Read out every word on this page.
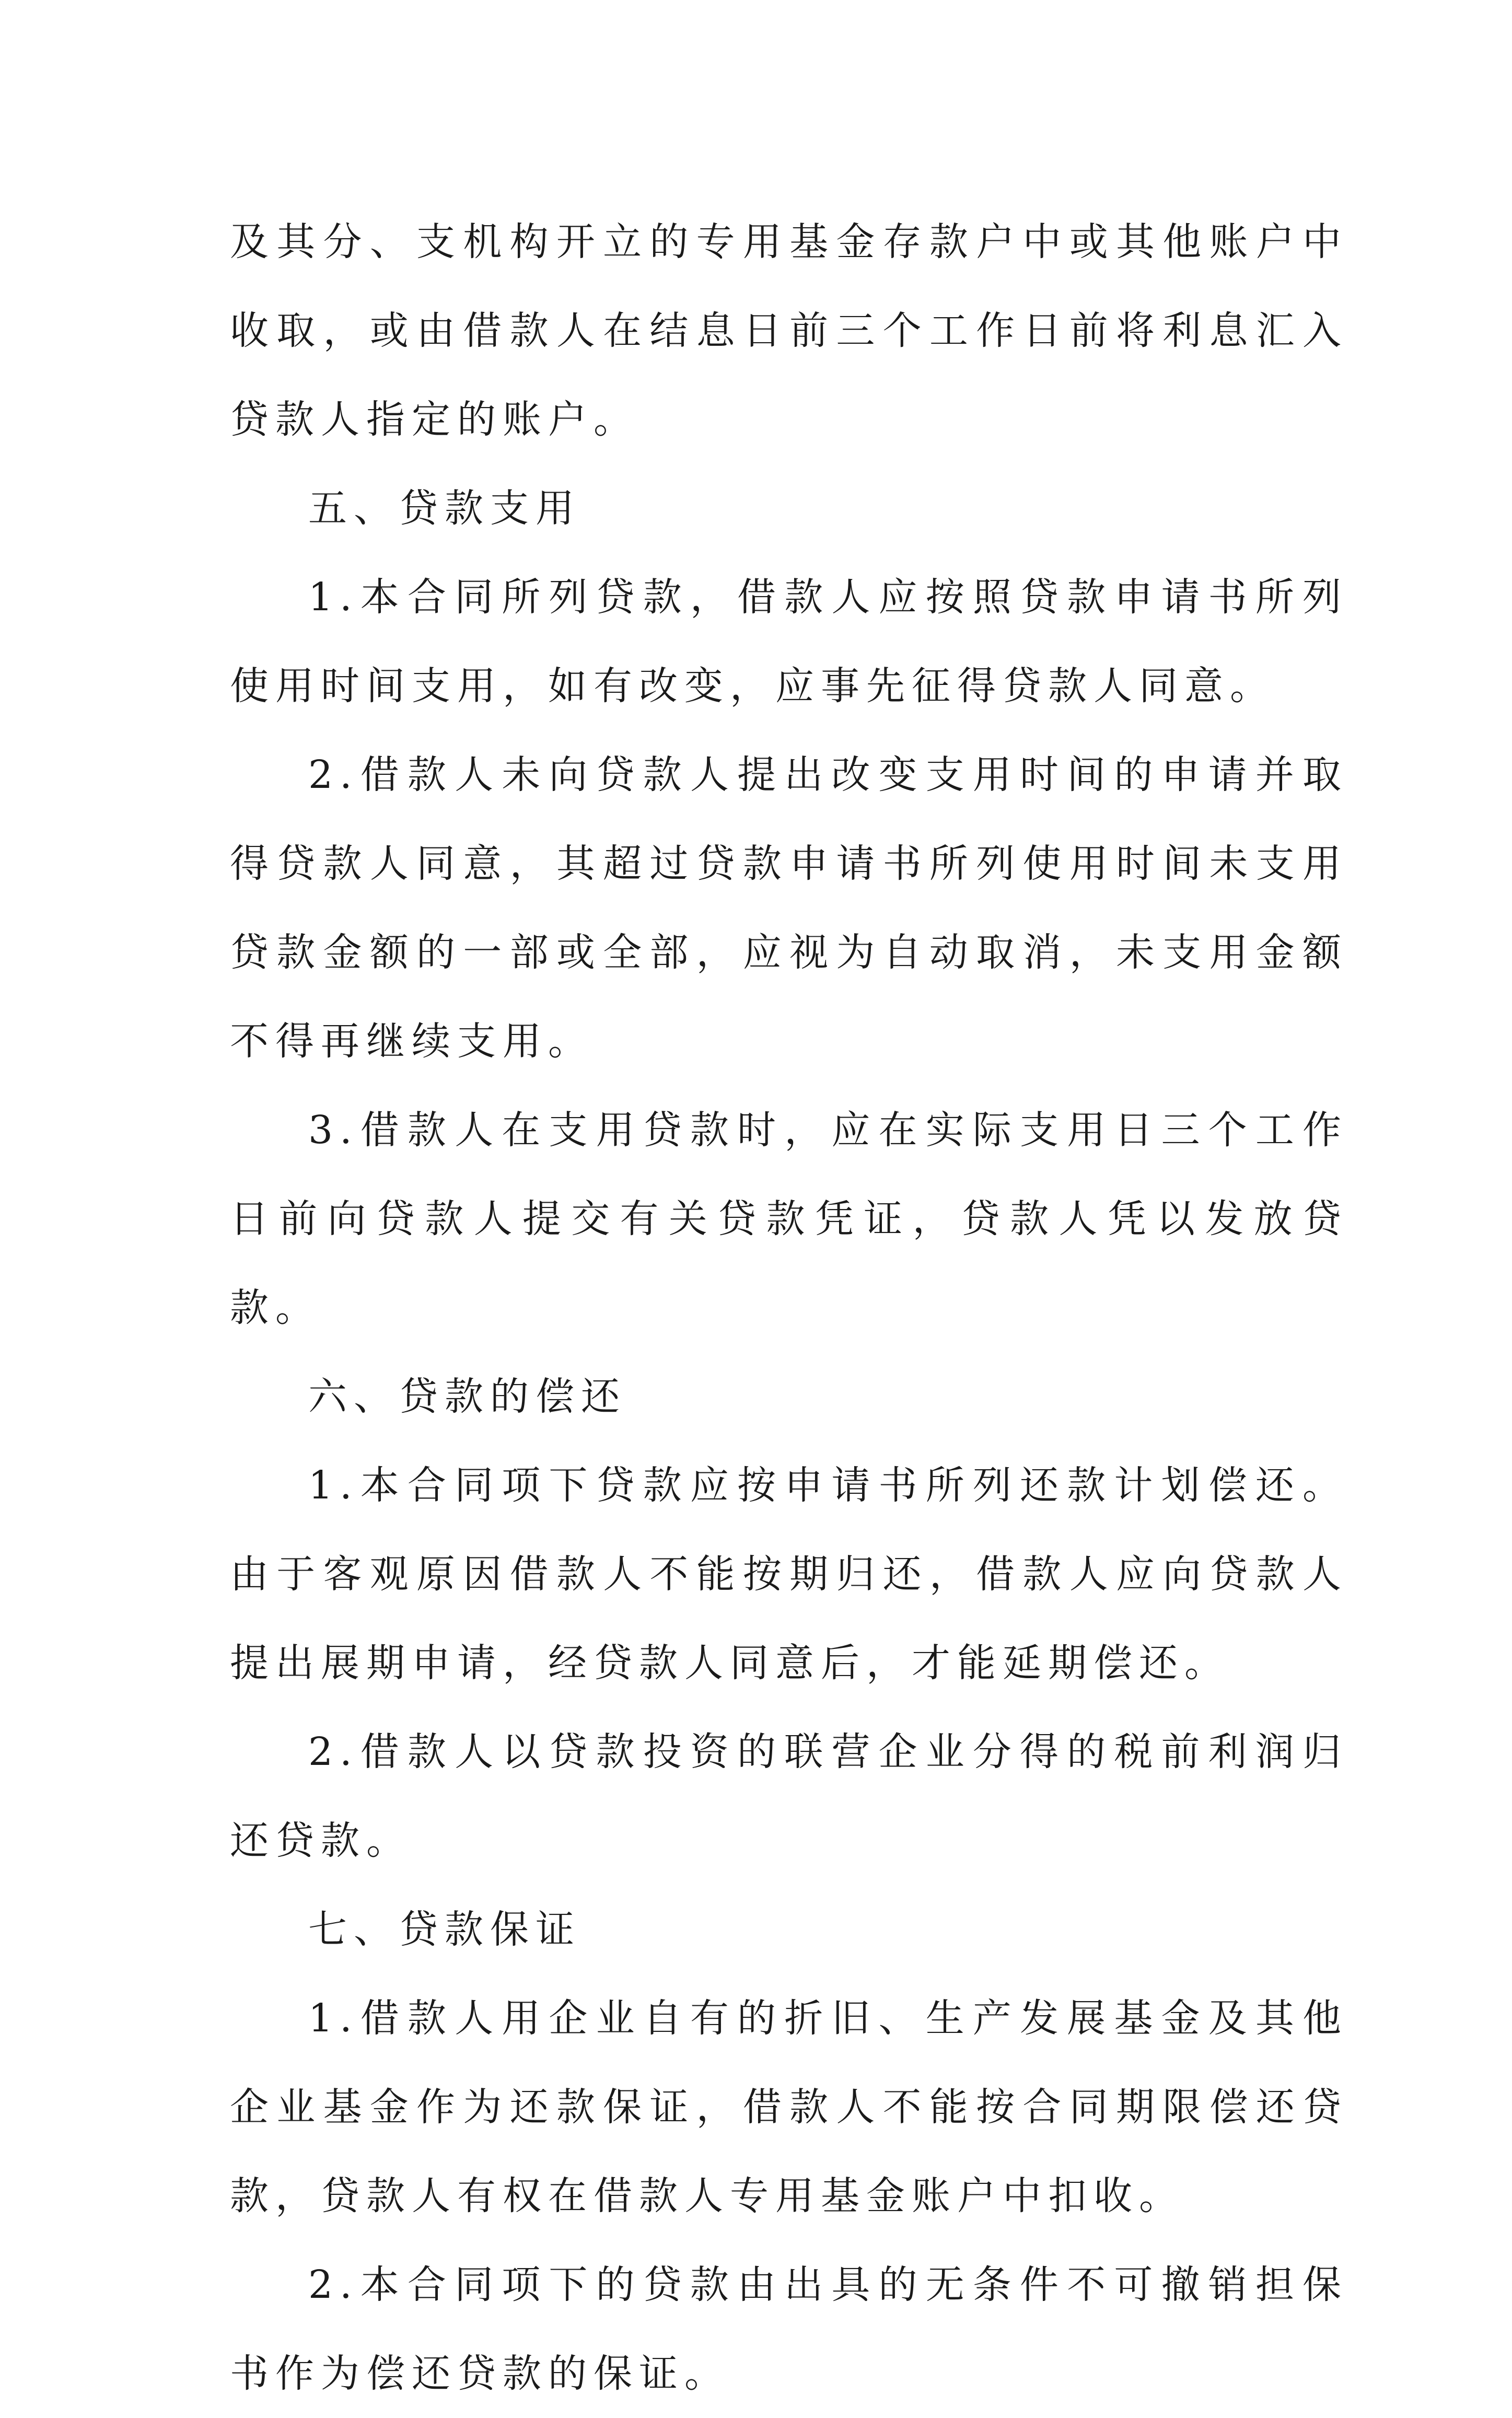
及其分、支机构开立的专用基金存款户中或其他账户中收取，或由借款人在结息日前三个工作日前将利息汇入贷款人指定的账户。

五、贷款支用

1.本合同所列贷款，借款人应按照贷款申请书所列使用时间支用，如有改变，应事先征得贷款人同意。

2.借款人未向贷款人提出改变支用时间的申请并取得贷款人同意，其超过贷款申请书所列使用时间未支用贷款金额的一部或全部，应视为自动取消，未支用金额不得再继续支用。

3.借款人在支用贷款时，应在实际支用日三个工作日前向贷款人提交有关贷款凭证，贷款人凭以发放贷款。

六、贷款的偿还

1.本合同项下贷款应按申请书所列还款计划偿还。由于客观原因借款人不能按期归还，借款人应向贷款人提出展期申请，经贷款人同意后，才能延期偿还。

2.借款人以贷款投资的联营企业分得的税前利润归还贷款。

七、贷款保证

1.借款人用企业自有的折旧、生产发展基金及其他企业基金作为还款保证，借款人不能按合同期限偿还贷款，贷款人有权在借款人专用基金账户中扣收。

2.本合同项下的贷款由出具的无条件不可撤销担保书作为偿还贷款的保证。
